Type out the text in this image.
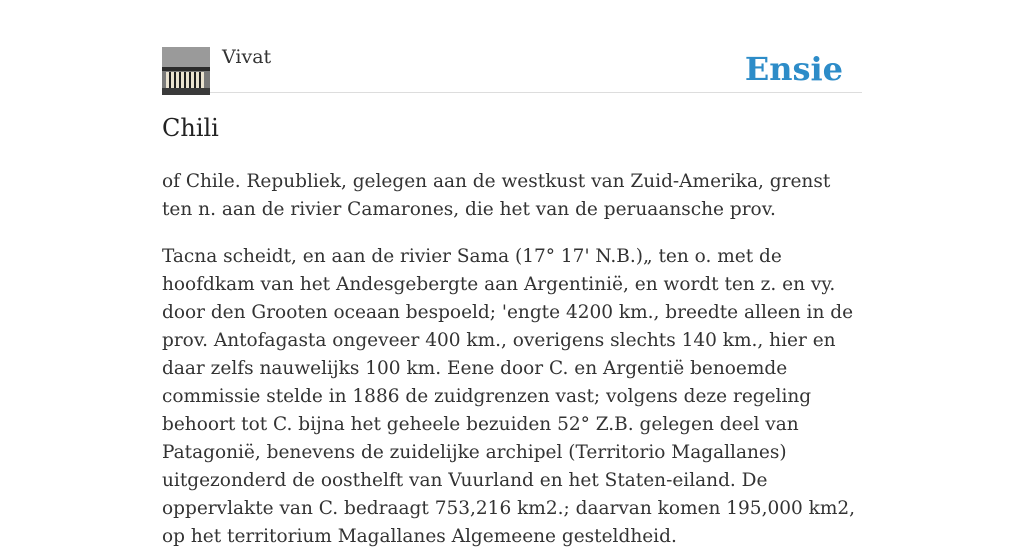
Vivat	Ensie
Chili

of Chile. Republiek, gelegen aan de westkust van Zuid-Amerika, grenst ten n. aan de rivier Camarones, die het van de peruaansche prov.

Tacna scheidt, en aan de rivier Sama (17° 17' N.B.)„ ten o. met de hoofdkam van het Andesgebergte aan Argentinië, en wordt ten z. en vy. door den Grooten oceaan bespoeld; 'engte 4200 km., breedte alleen in de prov. Antofagasta ongeveer 400 km., overigens slechts 140 km., hier en daar zelfs nauwelijks 100 km. Eene door C. en Argentië benoemde commissie stelde in 1886 de zuidgrenzen vast; volgens deze regeling behoort tot C. bijna het geheele bezuiden 52° Z.B. gelegen deel van Patagonië, benevens de zuidelijke archipel (Territorio Magallanes) uitgezonderd de oosthelft van Vuurland en het Staten-eiland. De oppervlakte van C. bedraagt 753,216 km2.; daarvan komen 195,000 km2, op het territorium Magallanes Algemeene gesteldheid.
